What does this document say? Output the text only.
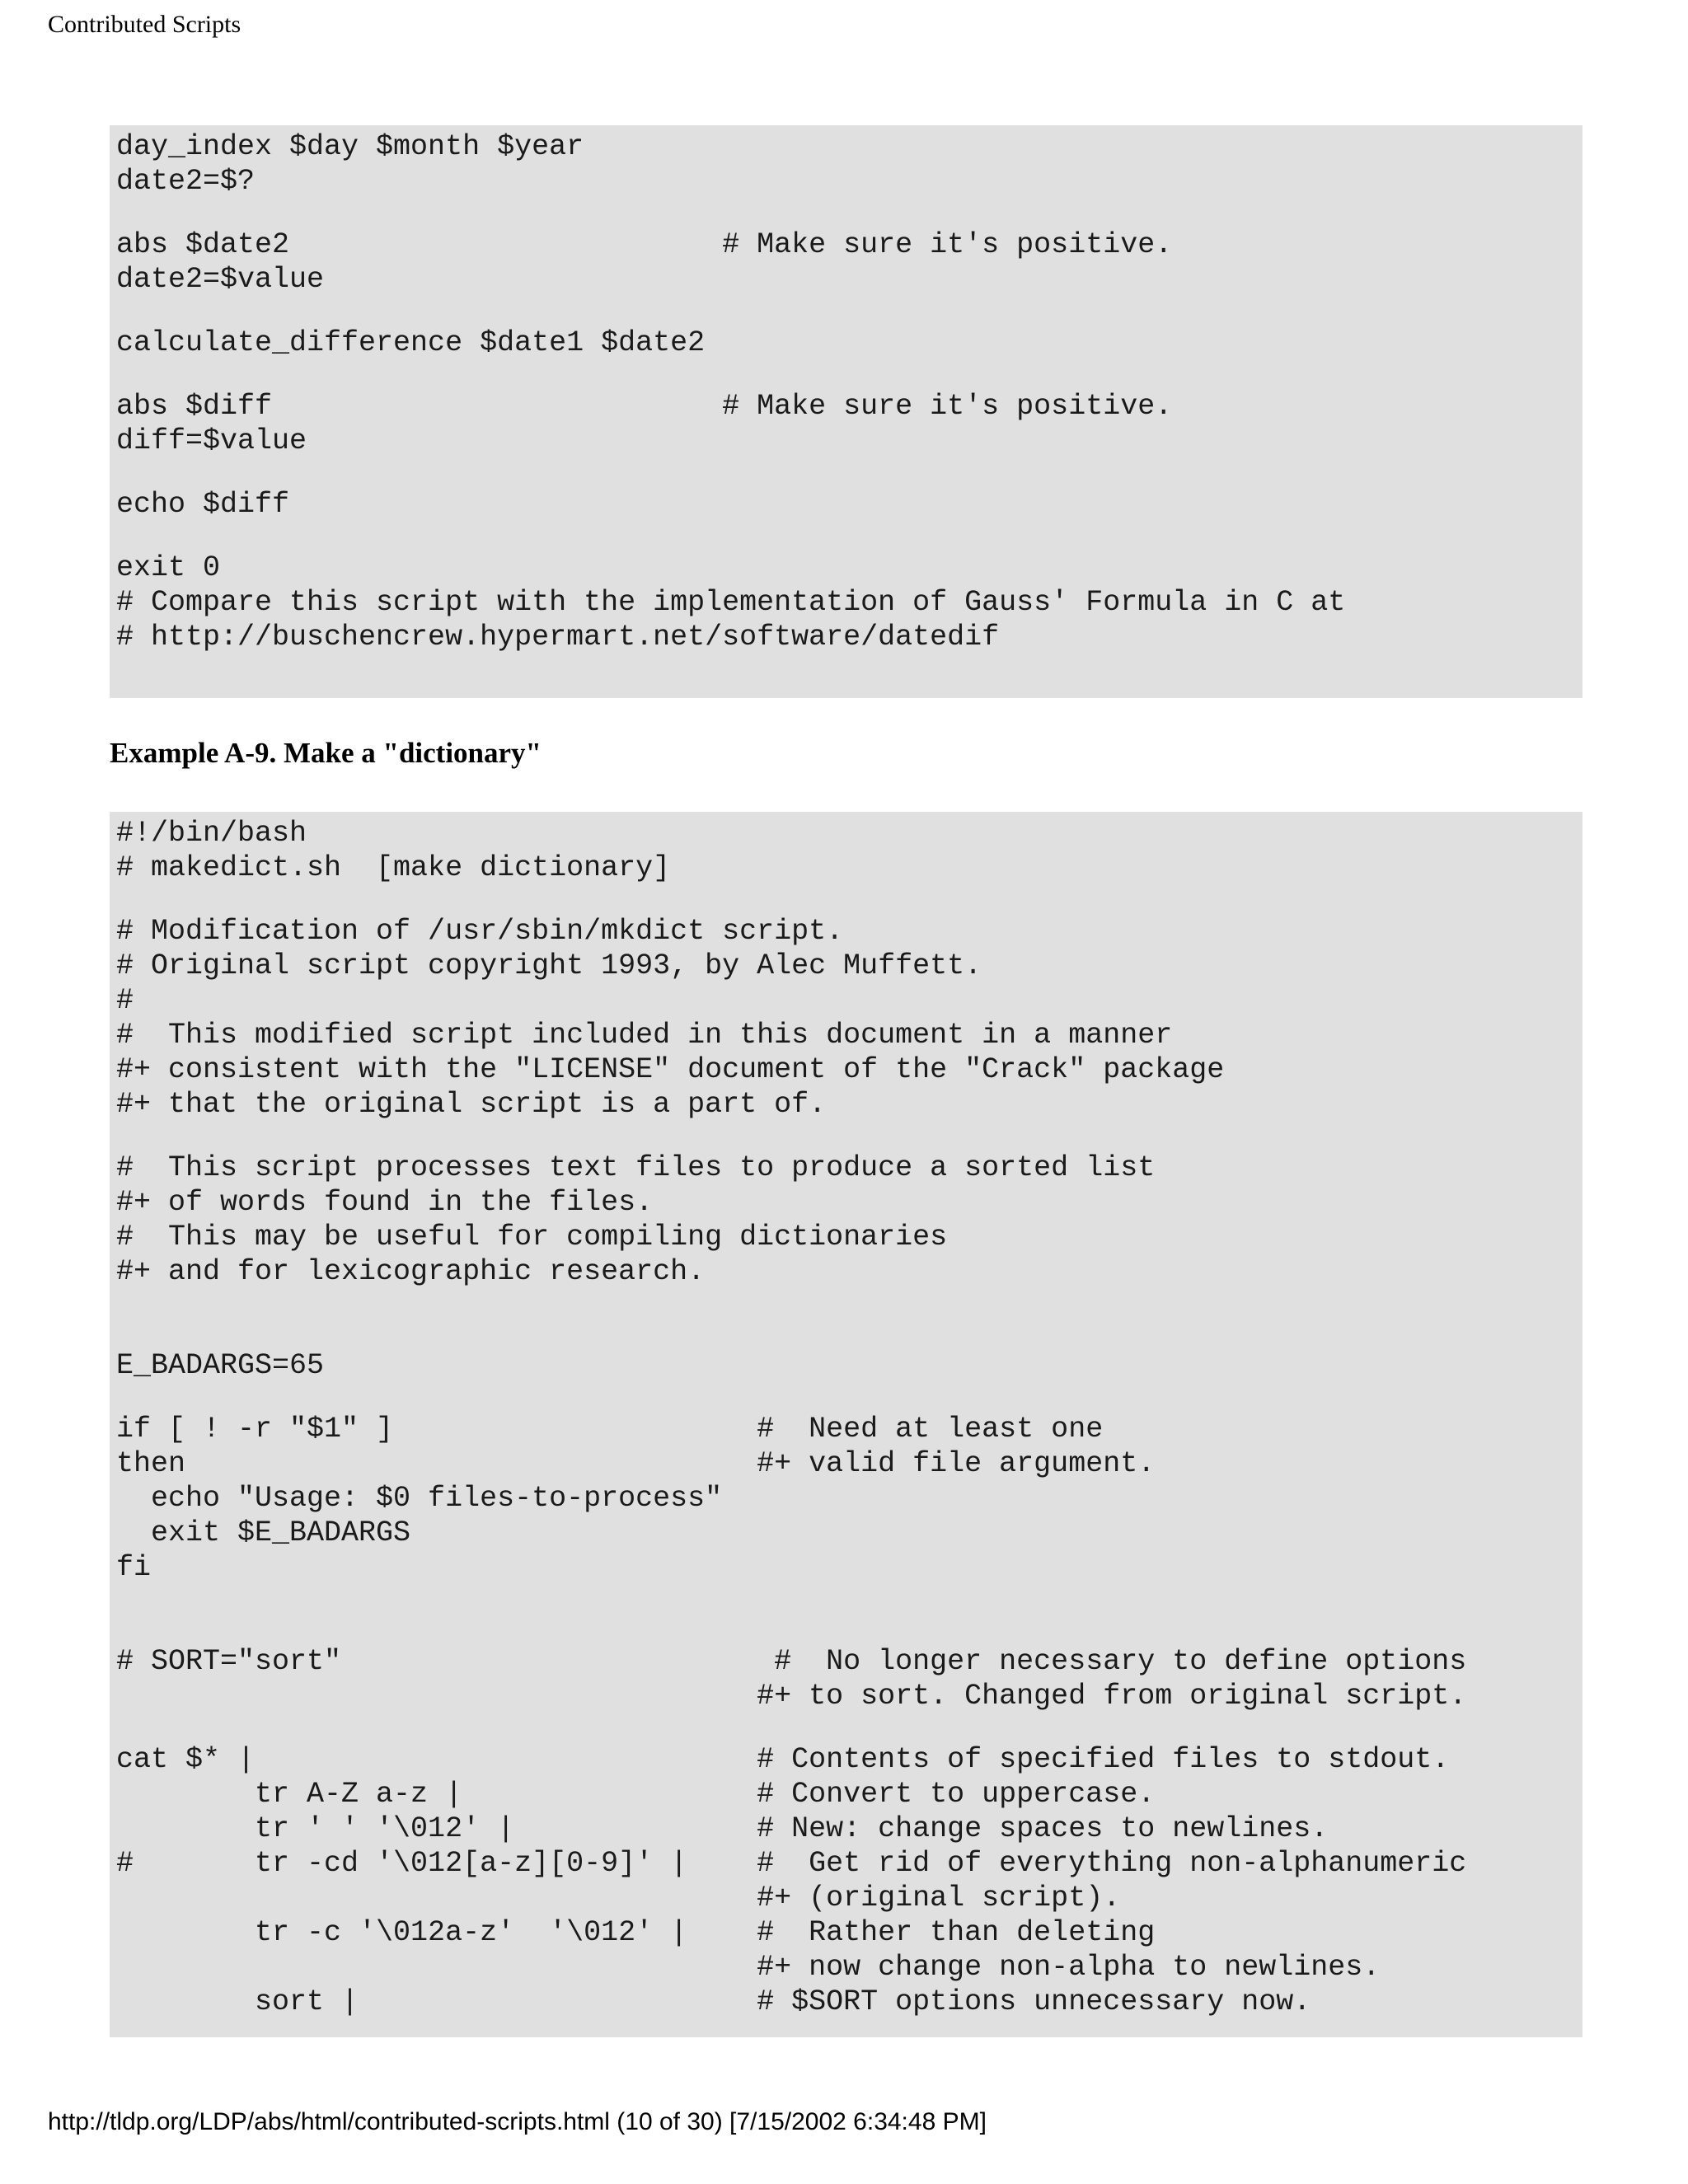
Contributed Scripts
day_index $day $month $year
date2=$?
abs $date2                         # Make sure it's positive.
date2=$value
calculate_difference $date1 $date2
abs $diff                          # Make sure it's positive.
diff=$value
echo $diff
exit 0
# Compare this script with the implementation of Gauss' Formula in C at
# http://buschencrew.hypermart.net/software/datedif
Example A-9. Make a "dictionary"
#!/bin/bash
# makedict.sh  [make dictionary]
# Modification of /usr/sbin/mkdict script.
# Original script copyright 1993, by Alec Muffett.
#
#  This modified script included in this document in a manner
#+ consistent with the "LICENSE" document of the "Crack" package
#+ that the original script is a part of.
#  This script processes text files to produce a sorted list
#+ of words found in the files.
#  This may be useful for compiling dictionaries
#+ and for lexicographic research.
E_BADARGS=65
if [ ! -r "$1" ]                     #  Need at least one
then                                 #+ valid file argument.
echo "Usage: $0 files-to-process"
exit $E_BADARGS
fi
# SORT="sort"                         #  No longer necessary to define options
#+ to sort. Changed from original script.
cat $* |                             # Contents of specified files to stdout.
tr A-Z a-z |                 # Convert to uppercase.
tr ' ' '\012' |              # New: change spaces to newlines.
#       tr -cd '\012[a-z][0-9]' |    #  Get rid of everything non-alphanumeric
#+ (original script).
tr -c '\012a-z'  '\012' |    #  Rather than deleting
#+ now change non-alpha to newlines.
sort |                       # $SORT options unnecessary now.
http://tldp.org/LDP/abs/html/contributed-scripts.html (10 of 30) [7/15/2002 6:34:48 PM]
